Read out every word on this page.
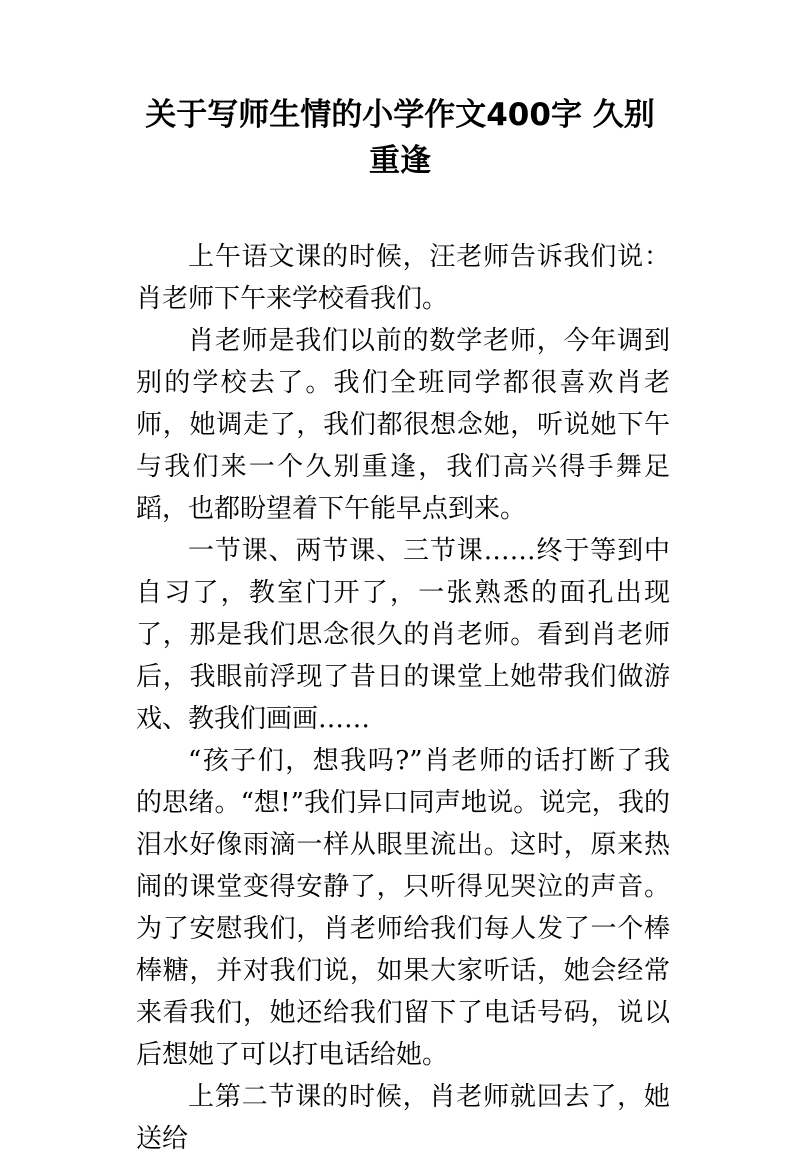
关于写师生情的小学作文400字 久别
重逢

上午语文课的时候，汪老师告诉我们说：肖老师下午来学校看我们。

肖老师是我们以前的数学老师，今年调到别的学校去了。我们全班同学都很喜欢肖老师，她调走了，我们都很想念她，听说她下午与我们来一个久别重逢，我们高兴得手舞足蹈，也都盼望着下午能早点到来。

一节课、两节课、三节课……终于等到中自习了，教室门开了，一张熟悉的面孔出现了，那是我们思念很久的肖老师。看到肖老师后，我眼前浮现了昔日的课堂上她带我们做游戏、教我们画画……

“孩子们，想我吗?”肖老师的话打断了我的思绪。“想!”我们异口同声地说。说完，我的泪水好像雨滴一样从眼里流出。这时，原来热闹的课堂变得安静了，只听得见哭泣的声音。为了安慰我们，肖老师给我们每人发了一个棒棒糖，并对我们说，如果大家听话，她会经常来看我们，她还给我们留下了电话号码，说以后想她了可以打电话给她。

上第二节课的时候，肖老师就回去了，她送给
